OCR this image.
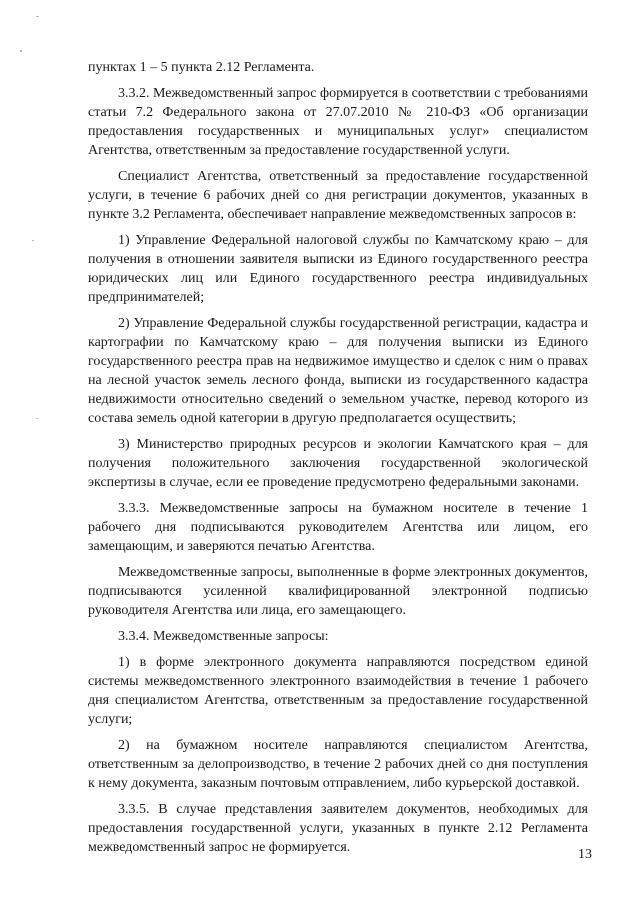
пунктах 1 – 5 пункта 2.12 Регламента.

3.3.2. Межведомственный запрос формируется в соответствии с требованиями статьи 7.2 Федерального закона от 27.07.2010 № 210-ФЗ «Об организации предоставления государственных и муниципальных услуг» специалистом Агентства, ответственным за предоставление государственной услуги.

Специалист Агентства, ответственный за предоставление государственной услуги, в течение 6 рабочих дней со дня регистрации документов, указанных в пункте 3.2 Регламента, обеспечивает направление межведомственных запросов в:

1) Управление Федеральной налоговой службы по Камчатскому краю – для получения в отношении заявителя выписки из Единого государственного реестра юридических лиц или Единого государственного реестра индивидуальных предпринимателей;

2) Управление Федеральной службы государственной регистрации, кадастра и картографии по Камчатскому краю – для получения выписки из Единого государственного реестра прав на недвижимое имущество и сделок с ним о правах на лесной участок земель лесного фонда, выписки из государственного кадастра недвижимости относительно сведений о земельном участке, перевод которого из состава земель одной категории в другую предполагается осуществить;

3) Министерство природных ресурсов и экологии Камчатского края – для получения положительного заключения государственной экологической экспертизы в случае, если ее проведение предусмотрено федеральными законами.

3.3.3. Межведомственные запросы на бумажном носителе в течение 1 рабочего дня подписываются руководителем Агентства или лицом, его замещающим, и заверяются печатью Агентства.

Межведомственные запросы, выполненные в форме электронных документов, подписываются усиленной квалифицированной электронной подписью руководителя Агентства или лица, его замещающего.

3.3.4. Межведомственные запросы:

1) в форме электронного документа направляются посредством единой системы межведомственного электронного взаимодействия в течение 1 рабочего дня специалистом Агентства, ответственным за предоставление государственной услуги;

2) на бумажном носителе направляются специалистом Агентства, ответственным за делопроизводство, в течение 2 рабочих дней со дня поступления к нему документа, заказным почтовым отправлением, либо курьерской доставкой.

3.3.5. В случае представления заявителем документов, необходимых для предоставления государственной услуги, указанных в пункте 2.12 Регламента межведомственный запрос не формируется.	13
